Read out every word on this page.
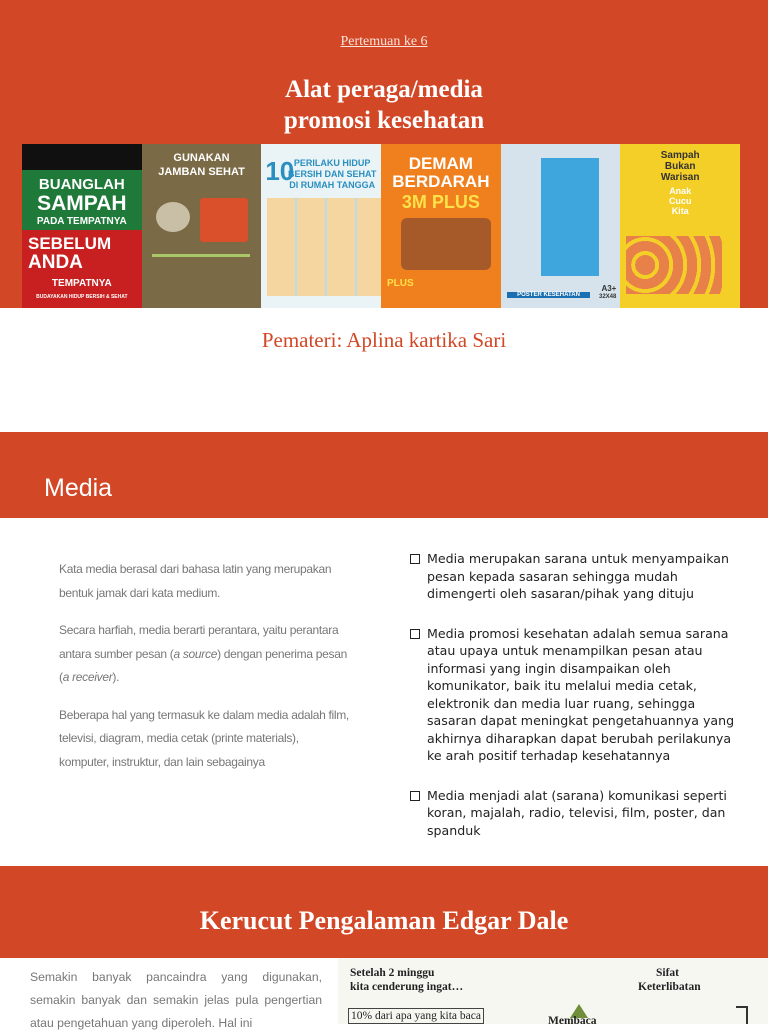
Pertemuan ke 6
Alat peraga/media
promosi kesehatan
BUANGLAH
SAMPAH
PADA TEMPATNYA
SEBELUM
ANDA
TEMPATNYA
BUDAYAKAN HIDUP BERSIH & SEHAT
GUNAKAN
JAMBAN SEHAT 10 PERILAKU HIDUP
BERSIH DAN SEHAT
DI RUMAH TANGGA
DEMAM
BERDARAH
3M PLUS
PLUS
POSTER KESEHATAN
A3+
32X48
Sampah
Bukan
Warisan
Anak
Cucu
Kita
Pemateri: Aplina kartika Sari
Media

Kata media berasal dari bahasa latin yang merupakan bentuk jamak dari kata medium.

Secara harfiah, media berarti perantara, yaitu perantara antara sumber pesan (a source) dengan penerima pesan (a receiver).

Beberapa hal yang termasuk ke dalam media adalah film, televisi, diagram, media cetak (printe materials), komputer, instruktur, dan lain sebagainya

Media merupakan sarana untuk menyampaikan pesan kepada sasaran sehingga mudah dimengerti oleh sasaran/pihak yang dituju
Media promosi kesehatan adalah semua sarana atau upaya untuk menampilkan pesan atau informasi yang ingin disampaikan oleh komunikator, baik itu melalui media cetak, elektronik dan media luar ruang, sehingga sasaran dapat meningkat pengetahuannya yang akhirnya diharapkan dapat berubah perilakunya ke arah positif terhadap kesehatannya
Media menjadi alat (sarana) komunikasi seperti koran, majalah, radio, televisi, film, poster, dan spanduk
Kerucut Pengalaman Edgar Dale
Semakin banyak pancaindra yang digunakan, semakin banyak dan semakin jelas pula pengertian atau pengetahuan yang diperoleh. Hal ini
Setelah 2 minggu
kita cenderung ingat…
Sifat
Keterlibatan
10% dari apa yang kita baca	Membaca
